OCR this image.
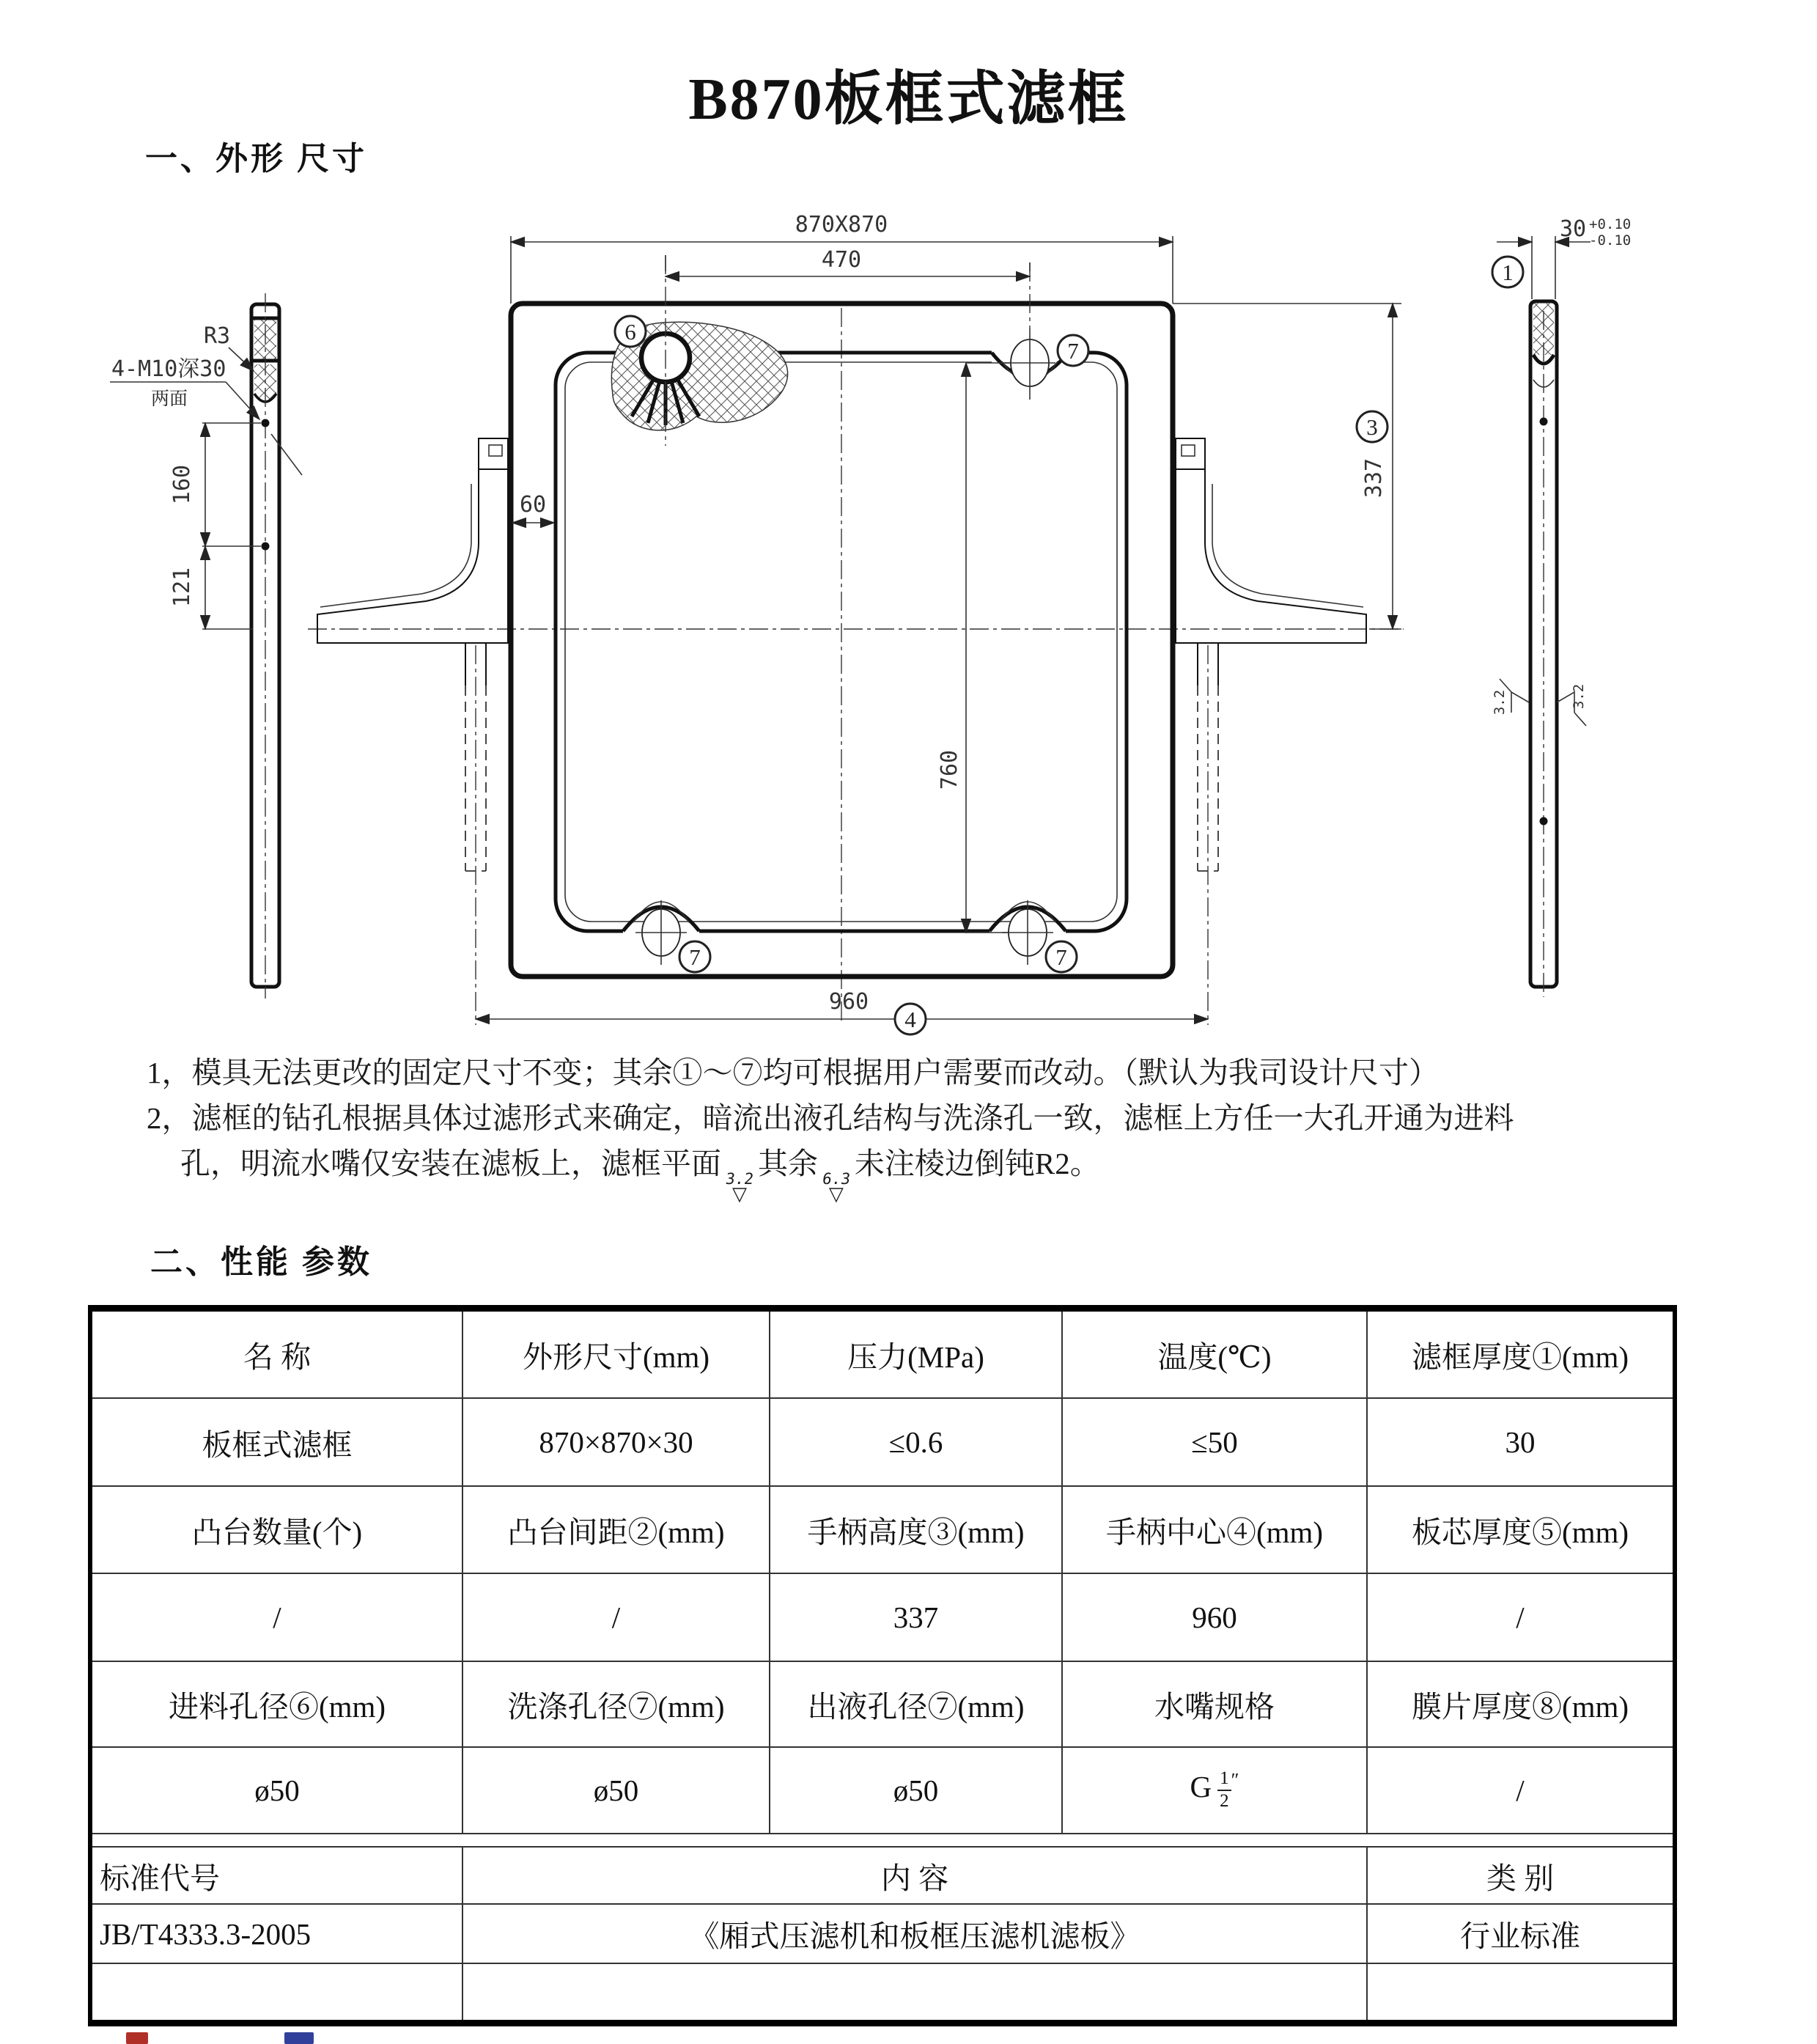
B870板框式滤框
一、外形 尺寸
160
121
R3
4-M10深30
两面
6
7
7	7
870X870
470
60
760
337
3
960
4
30 +0.10
-0.10
1
3.2	3.2
1，模具无法更改的固定尺寸不变；其余①～⑦均可根据用户需要而改动。（默认为我司设计尺寸）
2，滤框的钻孔根据具体过滤形式来确定，暗流出液孔结构与洗涤孔一致，滤框上方任一大孔开通为进料
孔，明流水嘴仅安装在滤板上，滤框平面 3.2
▽
其余 6.3
▽
未注棱边倒钝R2。
二、性能 参数
名 称	外形尺寸(mm)	压力(MPa)	温度(℃)	滤框厚度①(mm)
板框式滤框	870×870×30	≤0.6	≤50	30
凸台数量(个)	凸台间距②(mm)	手柄高度③(mm)	手柄中心④(mm)	板芯厚度⑤(mm)
/	/	337	960	/
进料孔径⑥(mm)	洗涤孔径⑦(mm)	出液孔径⑦(mm)	水嘴规格	膜片厚度⑧(mm)
ø50	ø50	ø50	G $\frac{1}{2} ''$	/

标准代号	内 容			类 别
JB/T4333.3-2005	《厢式压滤机和板框压滤机滤板》			行业标准
